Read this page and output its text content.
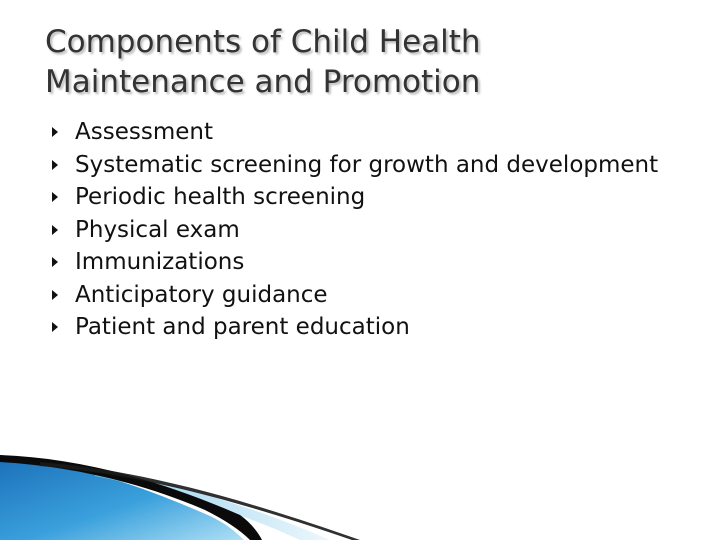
Components of Child Health
Maintenance and Promotion
Assessment
Systematic screening for growth and development
Periodic health screening
Physical exam
Immunizations
Anticipatory guidance
Patient and parent education
